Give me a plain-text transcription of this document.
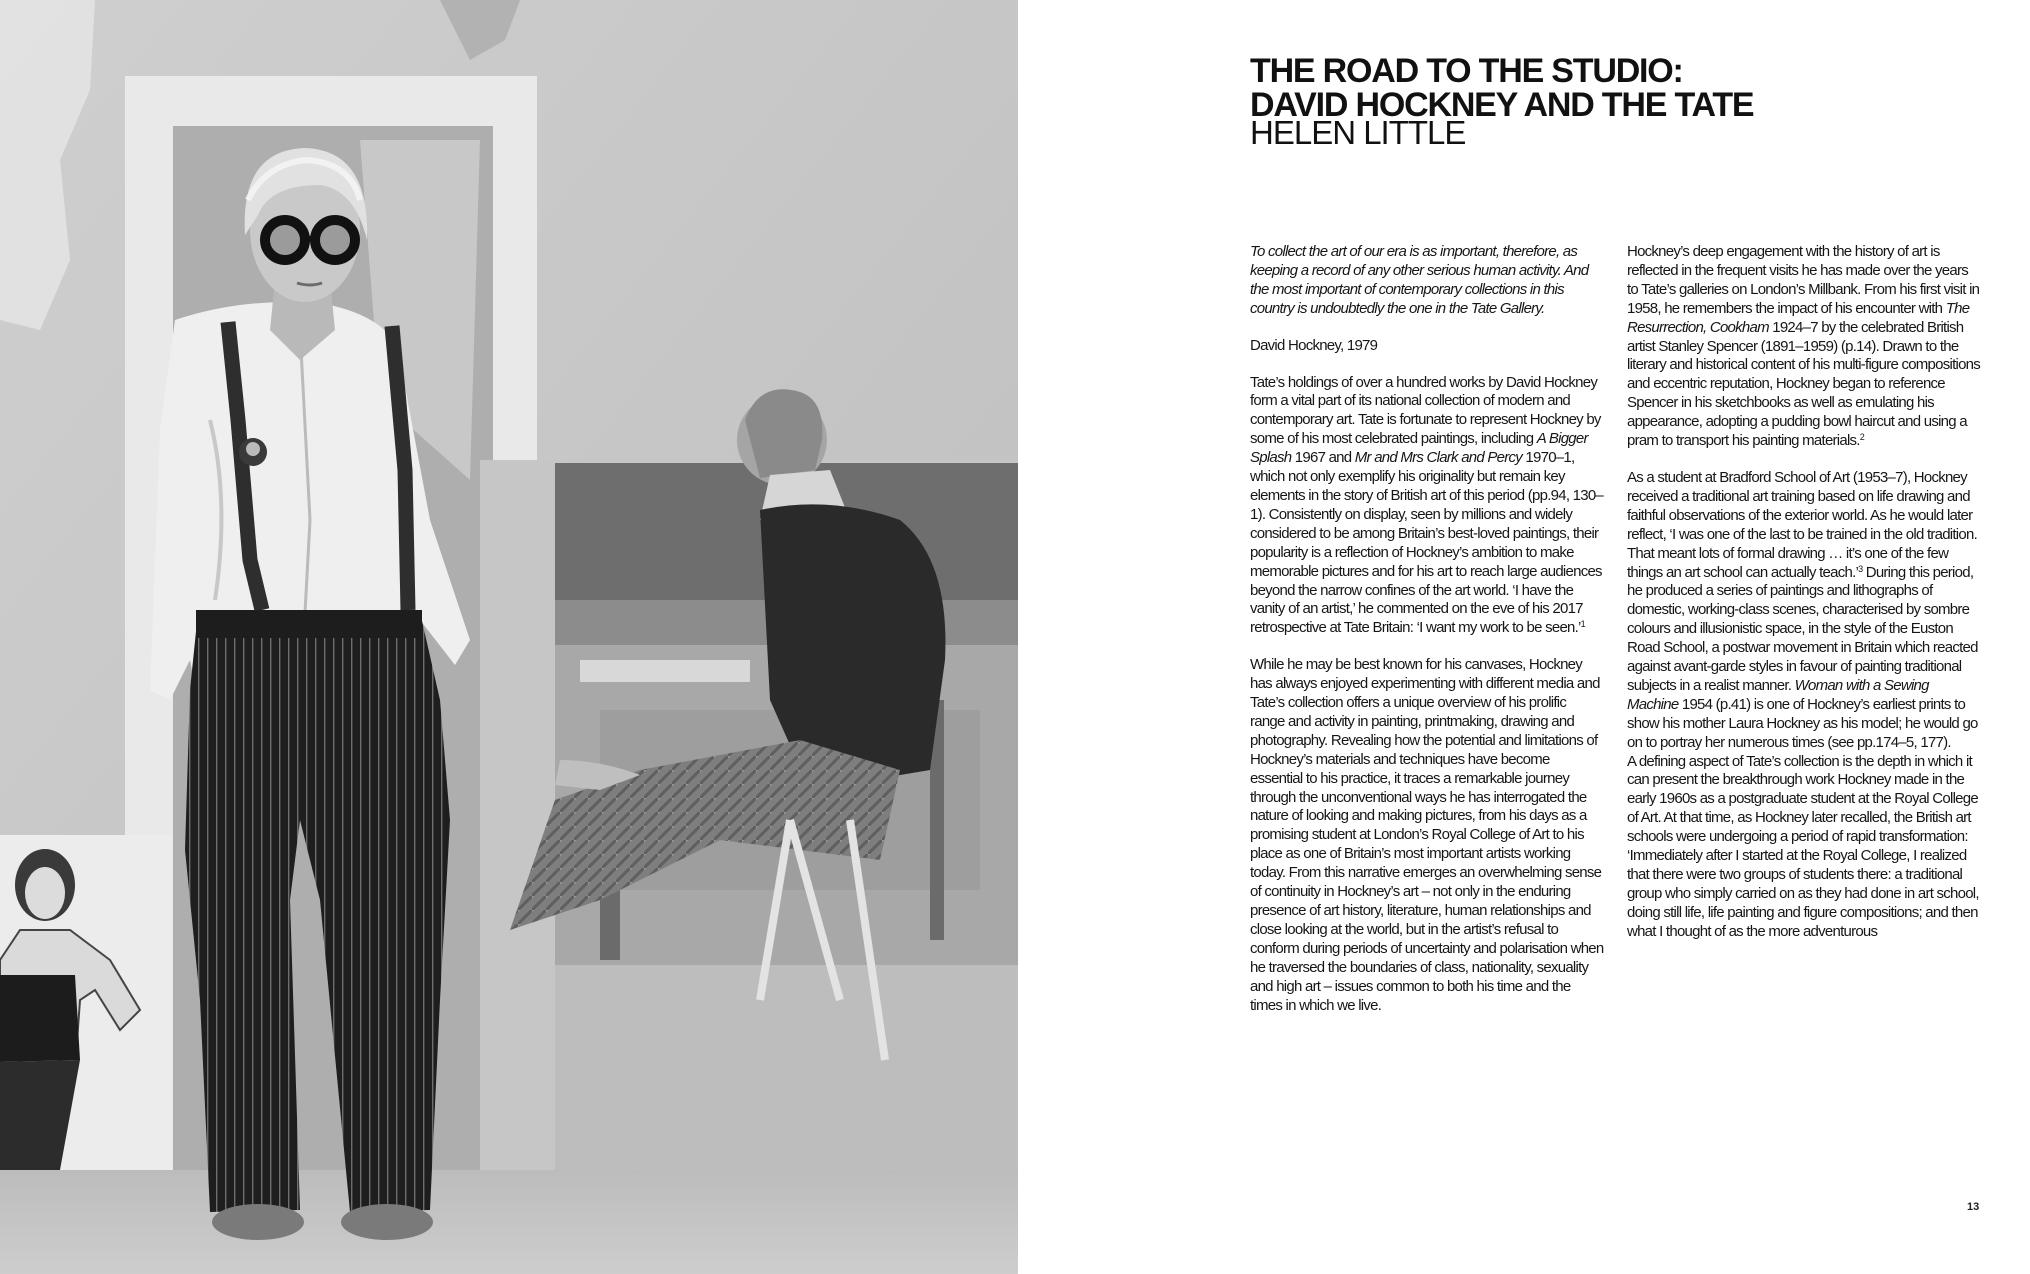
THE ROAD TO THE STUDIO:
DAVID HOCKNEY AND THE TATE
HELEN LITTLE

To collect the art of our era is as important, therefore, as keeping a record of any other serious human activity. And the most important of contemporary collections in this country is undoubtedly the one in the Tate Gallery.

David Hockney, 1979

Tate’s holdings of over a hundred works by David Hockney form a vital part of its national collection of modern and contemporary art. Tate is fortunate to represent Hockney by some of his most celebrated paintings, including A Bigger Splash 1967 and Mr and Mrs Clark and Percy 1970–1, which not only exemplify his originality but remain key elements in the story of British art of this period (pp.94, 130–1). Consistently on display, seen by millions and widely considered to be among Britain’s best-loved paintings, their popularity is a reflection of Hockney’s ambition to make memorable pictures and for his art to reach large audiences beyond the narrow confines of the art world. ‘I have the vanity of an artist,’ he commented on the eve of his 2017 retrospective at Tate Britain: ‘I want my work to be seen.’$^1$

While he may be best known for his canvases, Hockney has always enjoyed experimenting with different media and Tate’s collection offers a unique overview of his prolific range and activity in painting, printmaking, drawing and photography. Revealing how the potential and limitations of Hockney’s materials and techniques have become essential to his practice, it traces a remarkable journey through the unconventional ways he has interrogated the nature of looking and making pictures, from his days as a promising student at London’s Royal College of Art to his place as one of Britain’s most important artists working today. From this narrative emerges an overwhelming sense of continuity in Hockney’s art – not only in the enduring presence of art history, literature, human relationships and close looking at the world, but in the artist’s refusal to conform during periods of uncertainty and polarisation when he traversed the boundaries of class, nationality, sexuality and high art – issues common to both his time and the times in which we live.

Hockney’s deep engagement with the history of art is reflected in the frequent visits he has made over the years to Tate’s galleries on London’s Millbank. From his first visit in 1958, he remembers the impact of his encounter with The Resurrection, Cookham 1924–7 by the celebrated British artist Stanley Spencer (1891–1959) (p.14). Drawn to the literary and historical content of his multi-figure compositions and eccentric reputation, Hockney began to reference Spencer in his sketchbooks as well as emulating his appearance, adopting a pudding bowl haircut and using a pram to transport his painting materials.$^2$

As a student at Bradford School of Art (1953–7), Hockney received a traditional art training based on life drawing and faithful observations of the exterior world. As he would later reflect, ‘I was one of the last to be trained in the old tradition. That meant lots of formal drawing … it’s one of the few things an art school can actually teach.’$^3$ During this period, he produced a series of paintings and lithographs of domestic, working-class scenes, characterised by sombre colours and illusionistic space, in the style of the Euston Road School, a postwar movement in Britain which reacted against avant-garde styles in favour of painting traditional subjects in a realist manner. Woman with a Sewing Machine 1954 (p.41) is one of Hockney’s earliest prints to show his mother Laura Hockney as his model; he would go on to portray her numerous times (see pp.174–5, 177).

A defining aspect of Tate’s collection is the depth in which it can present the breakthrough work Hockney made in the early 1960s as a postgraduate student at the Royal College of Art. At that time, as Hockney later recalled, the British art schools were undergoing a period of rapid transformation: ‘Immediately after I started at the Royal College, I realized that there were two groups of students there: a traditional group who simply carried on as they had done in art school, doing still life, life painting and figure compositions; and then what I thought of as the more adventurous

13
